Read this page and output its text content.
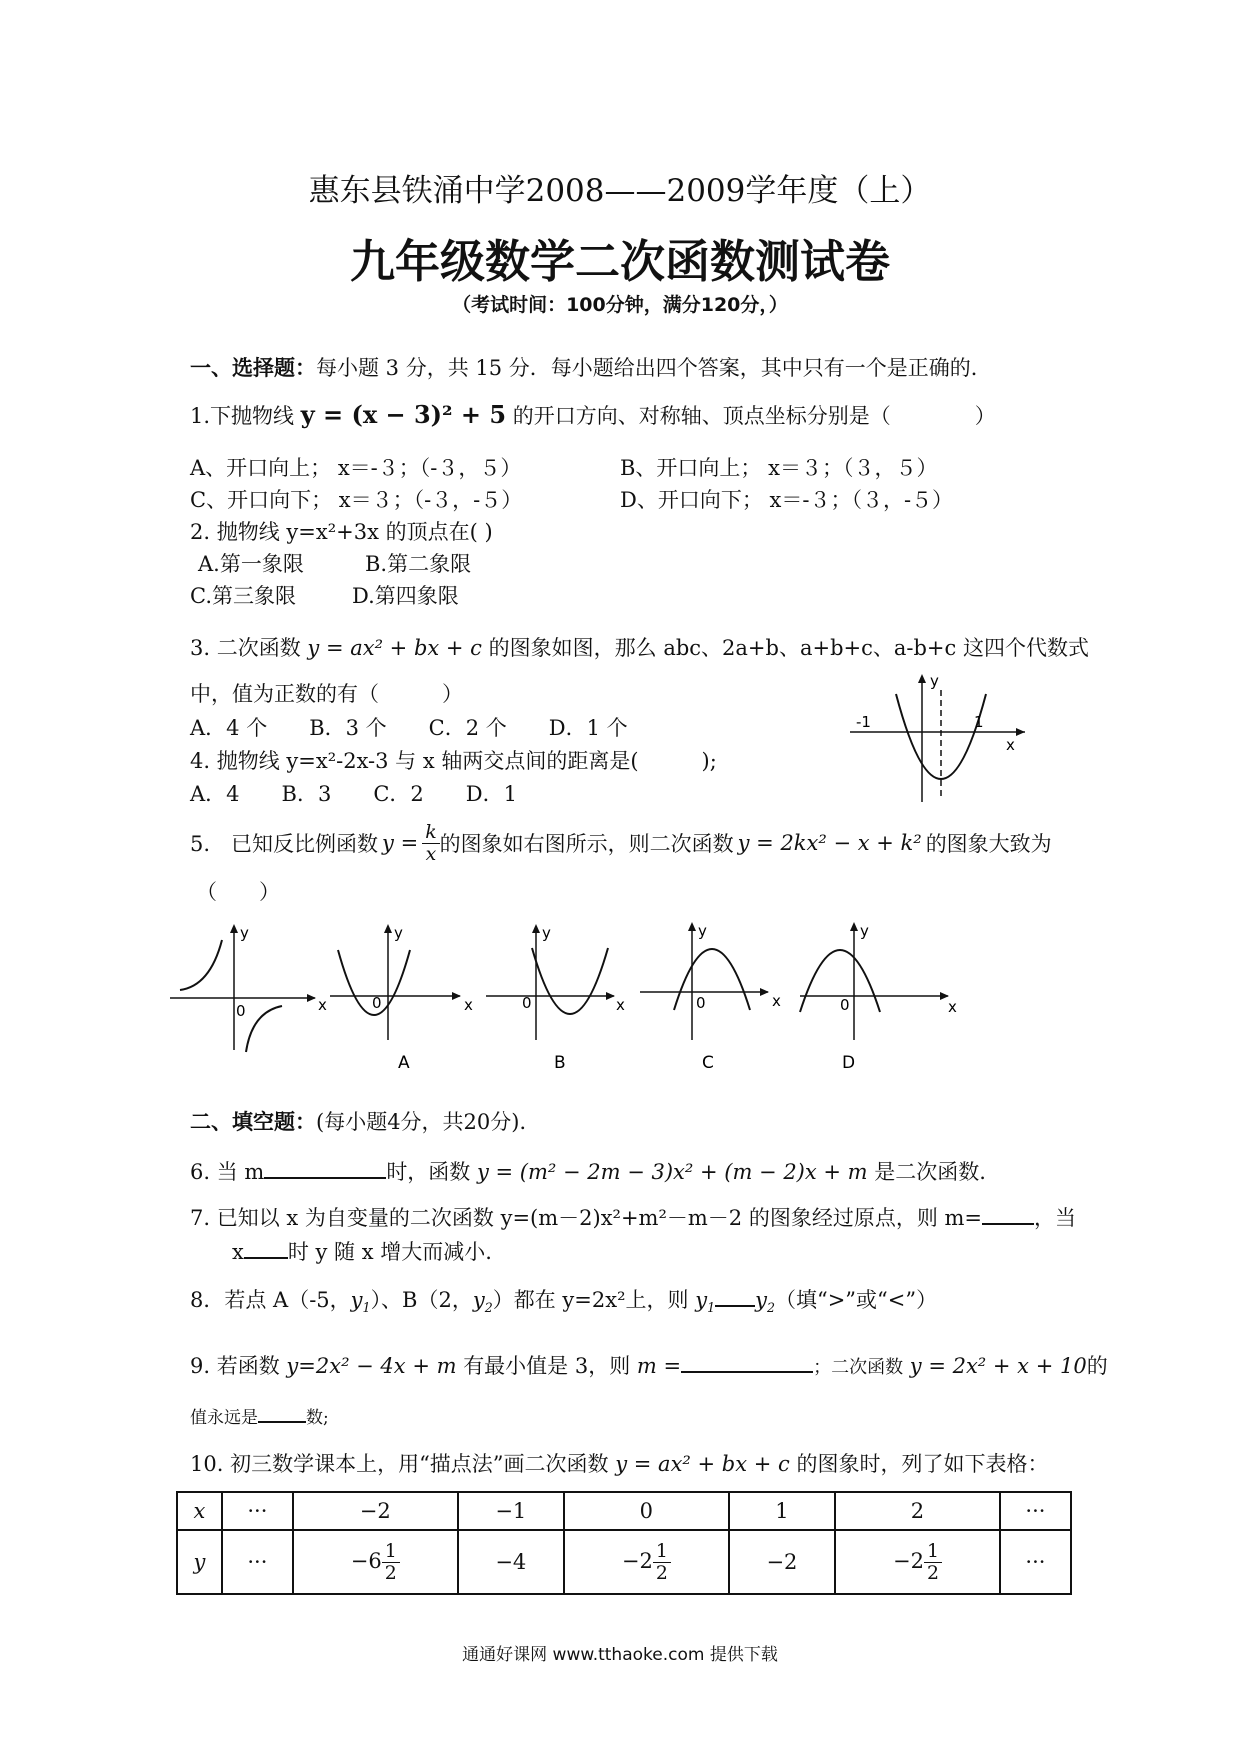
惠东县铁涌中学2008——2009学年度（上）
九年级数学二次函数测试卷
（考试时间：100分钟，满分120分，）
一、选择题：每小题 3 分，共 15 分．每小题给出四个答案，其中只有一个是正确的．
1.下抛物线 y = (x − 3)² + 5 的开口方向、对称轴、顶点坐标分别是（　　　　）
A、开口向上； x＝-３；（-３，５）	B、开口向上； x＝３；（３，５）
C、开口向下； x＝３；（-３，-５）	D、开口向下； x＝-３；（３，-５）
2. 抛物线 y=x²+3x 的顶点在( )
A.第一象限	B.第二象限
C.第三象限	D.第四象限
3. 二次函数 y = ax² + bx + c 的图象如图，那么 abc、2a+b、a+b+c、a-b+c 这四个代数式
中，值为正数的有（　　　）
A．4 个　　B．3 个　　C．2 个　　D．1 个
y
x
-1	1
4. 抛物线 y=x²-2x-3 与 x 轴两交点间的距离是(　　　);
A．4　　B．3　　C．2　　D．1
5.　已知反比例函数 $y = \frac{k}{x}$ 的图象如右图所示，则二次函数 y = 2kx² − x + k² 的图象大致为
（　　）
y
x
0
y
x
0
A
y
x
0
B
y
x
0
C
y
x
0
D
二、填空题：(每小题4分，共20分)．
6. 当 m	时，函数 y = (m² − 2m − 3)x² + (m − 2)x + m 是二次函数.
7. 已知以 x 为自变量的二次函数 y=(m－2)x²+m²－m－2 的图象经过原点，则 m= ，当
x 时 y 随 x 增大而减小.
8．若点 A（-5，$y_1$）、B（2，$y_2$）都在 y=2x²上，则 $y_1$ $y_2$（填“>”或“<”）
9. 若函数 y=2x² − 4x + m 有最小值是 3，则 m =	；二次函数 y = 2x² + x + 10的
值永远是	数;
10. 初三数学课本上，用“描点法”画二次函数 y = ax² + bx + c 的图象时，列了如下表格：
x	···	−2	−1	0	1	2	···
y	···	$-6 \frac{1}{2}$	−4	$-2 \frac{1}{2}$	−2	$-2 \frac{1}{2}$	···
通通好课网 www.tthaoke.com 提供下载
